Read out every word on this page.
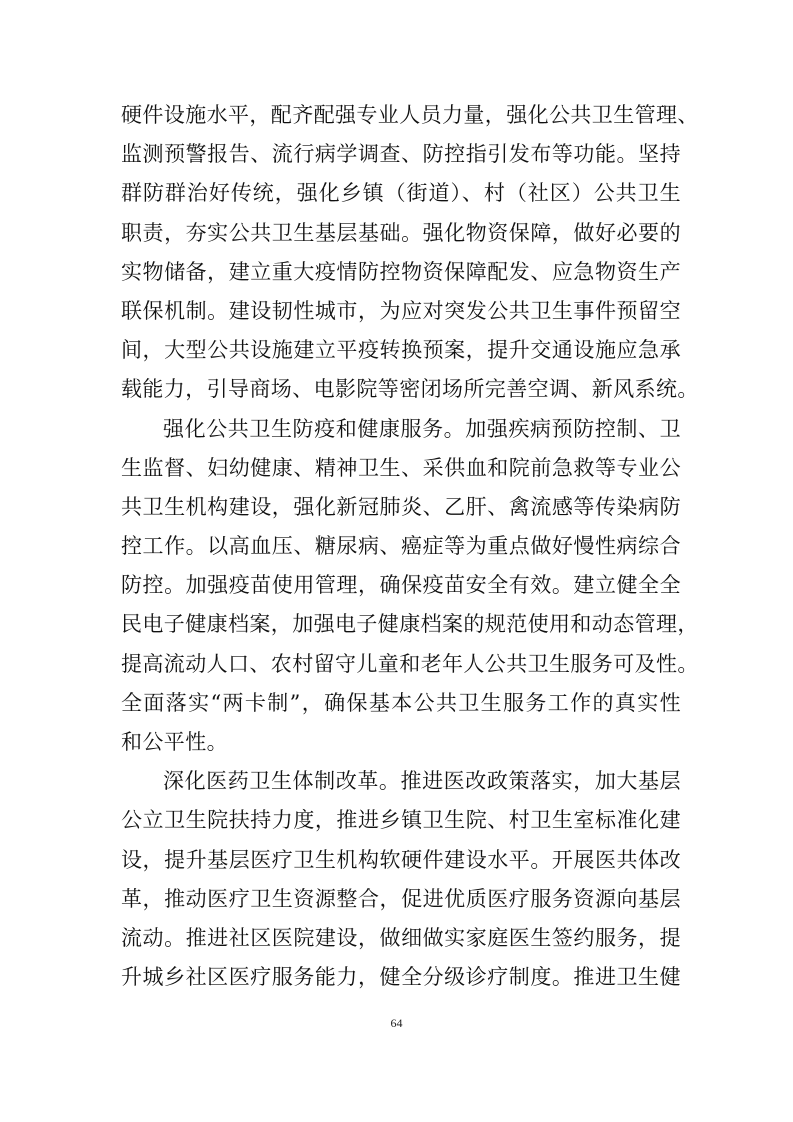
硬件设施水平，配齐配强专业人员力量，强化公共卫生管理、
监测预警报告、流行病学调查、防控指引发布等功能。坚持
群防群治好传统，强化乡镇（街道）、村（社区）公共卫生
职责，夯实公共卫生基层基础。强化物资保障，做好必要的
实物储备，建立重大疫情防控物资保障配发、应急物资生产
联保机制。建设韧性城市，为应对突发公共卫生事件预留空
间，大型公共设施建立平疫转换预案，提升交通设施应急承
载能力，引导商场、电影院等密闭场所完善空调、新风系统。
强化公共卫生防疫和健康服务。加强疾病预防控制、卫
生监督、妇幼健康、精神卫生、采供血和院前急救等专业公
共卫生机构建设，强化新冠肺炎、乙肝、禽流感等传染病防
控工作。以高血压、糖尿病、癌症等为重点做好慢性病综合
防控。加强疫苗使用管理，确保疫苗安全有效。建立健全全
民电子健康档案，加强电子健康档案的规范使用和动态管理，
提高流动人口、农村留守儿童和老年人公共卫生服务可及性。
全面落实“两卡制”，确保基本公共卫生服务工作的真实性
和公平性。
深化医药卫生体制改革。推进医改政策落实，加大基层
公立卫生院扶持力度，推进乡镇卫生院、村卫生室标准化建
设，提升基层医疗卫生机构软硬件建设水平。开展医共体改
革，推动医疗卫生资源整合，促进优质医疗服务资源向基层
流动。推进社区医院建设，做细做实家庭医生签约服务，提
升城乡社区医疗服务能力，健全分级诊疗制度。推进卫生健
64
